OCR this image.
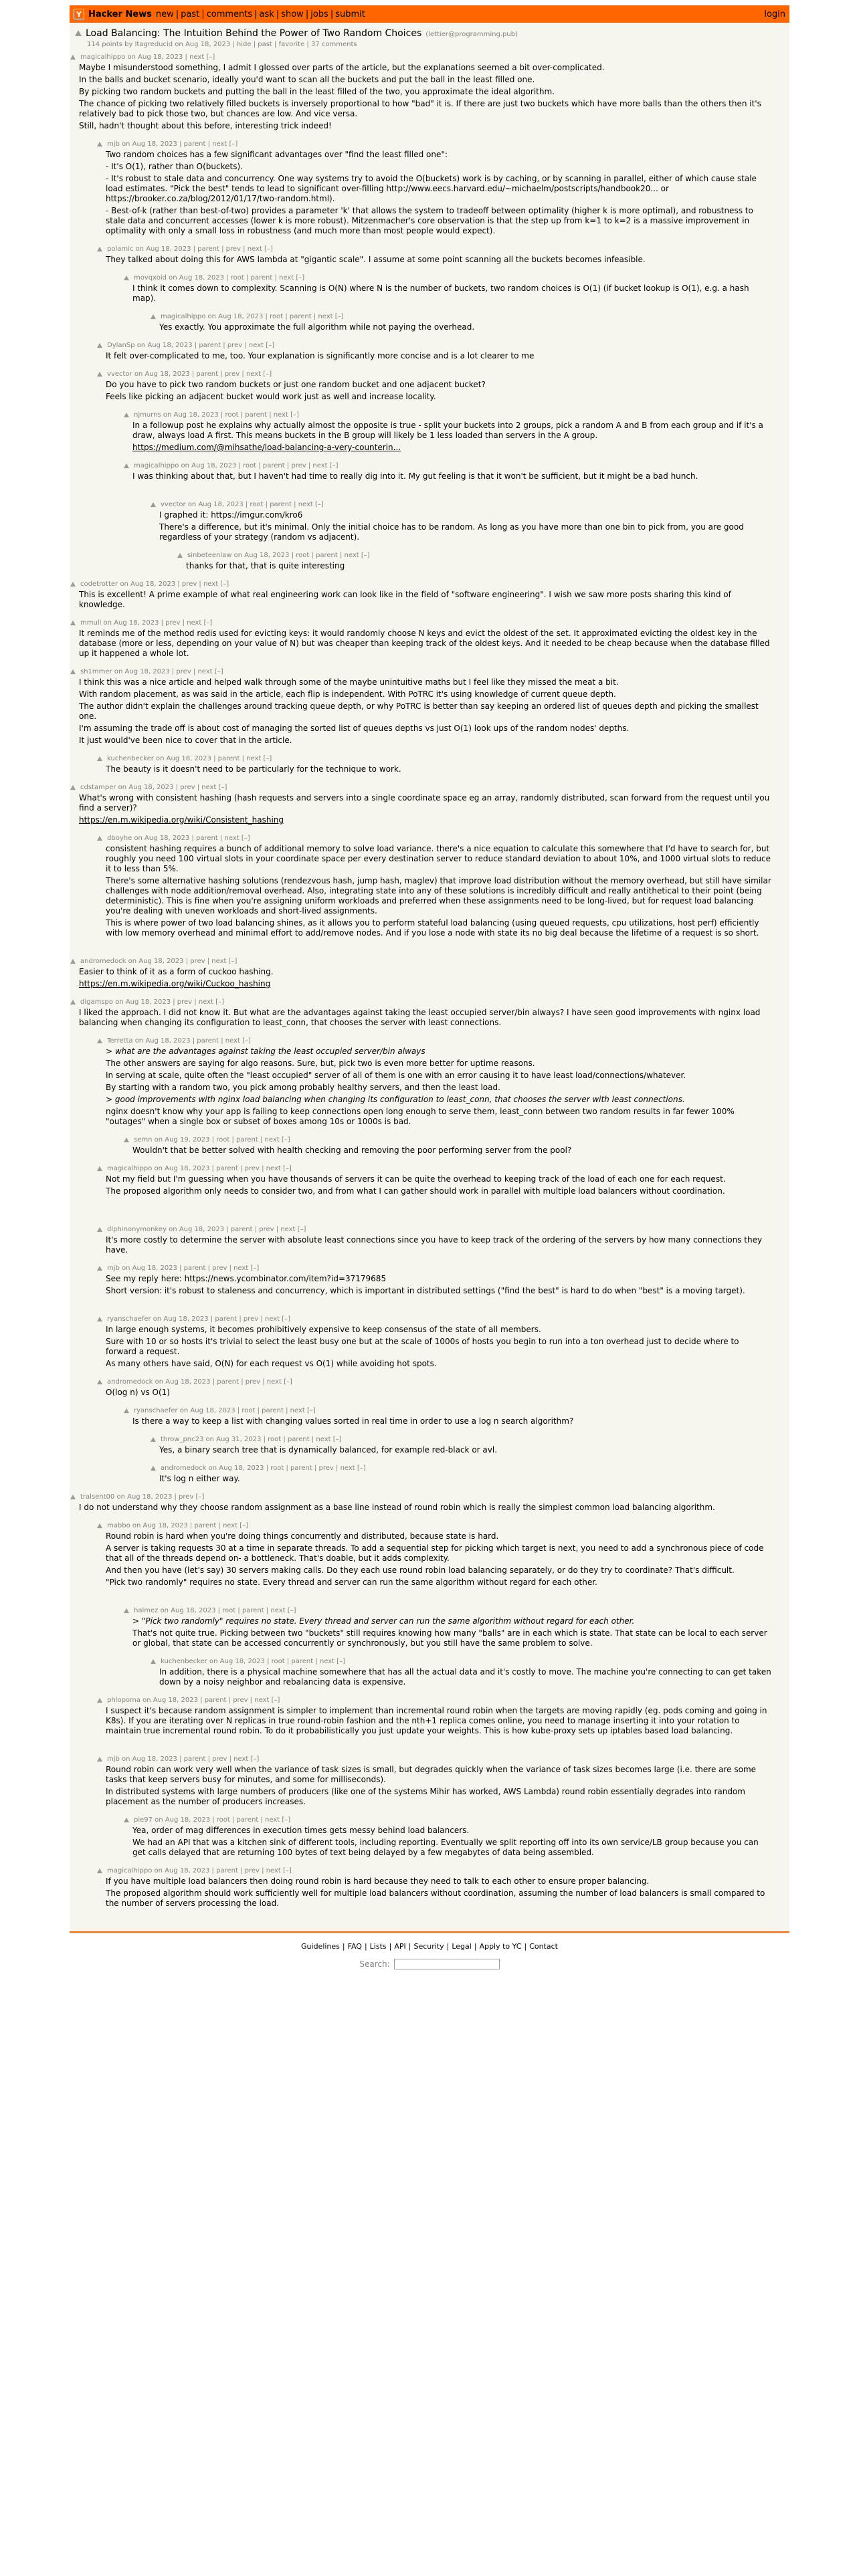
Y Hacker News new | past | comments | ask | show | jobs | submit	login
Load Balancing: The Intuition Behind the Power of Two Random Choices (lettier@programming.pub)
114 points by ltagreducid on Aug 18, 2023 | hide | past | favorite | 37 comments
magicalhippo on Aug 18, 2023 | next [–]

Maybe I misunderstood something, I admit I glossed over parts of the article, but the explanations seemed a bit over-complicated.

In the balls and bucket scenario, ideally you'd want to scan all the buckets and put the ball in the least filled one.

By picking two random buckets and putting the ball in the least filled of the two, you approximate the ideal algorithm.

The chance of picking two relatively filled buckets is inversely proportional to how "bad" it is. If there are just two buckets which have more balls than the others then it's relatively bad to pick those two, but chances are low. And vice versa.

Still, hadn't thought about this before, interesting trick indeed!

mjb on Aug 18, 2023 | parent | next [–]

Two random choices has a few significant advantages over "find the least filled one":

- It's O(1), rather than O(buckets).

- It's robust to stale data and concurrency. One way systems try to avoid the O(buckets) work is by caching, or by scanning in parallel, either of which cause stale load estimates. "Pick the best" tends to lead to significant over-filling http://www.eecs.harvard.edu/~michaelm/postscripts/handbook20... or https://brooker.co.za/blog/2012/01/17/two-random.html).

- Best-of-k (rather than best-of-two) provides a parameter 'k' that allows the system to tradeoff between optimality (higher k is more optimal), and robustness to stale data and concurrent accesses (lower k is more robust). Mitzenmacher's core observation is that the step up from k=1 to k=2 is a massive improvement in optimality with only a small loss in robustness (and much more than most people would expect).

polamic on Aug 18, 2023 | parent | prev | next [–]

They talked about doing this for AWS lambda at "gigantic scale". I assume at some point scanning all the buckets becomes infeasible.

movqxoid on Aug 18, 2023 | root | parent | next [–]

I think it comes down to complexity. Scanning is O(N) where N is the number of buckets, two random choices is O(1) (if bucket lookup is O(1), e.g. a hash map).

magicalhippo on Aug 18, 2023 | root | parent | next [–]

Yes exactly. You approximate the full algorithm while not paying the overhead.

DylanSp on Aug 18, 2023 | parent | prev | next [–]

It felt over-complicated to me, too. Your explanation is significantly more concise and is a lot clearer to me

vvector on Aug 18, 2023 | parent | prev | next [–]

Do you have to pick two random buckets or just one random bucket and one adjacent bucket?

Feels like picking an adjacent bucket would work just as well and increase locality.

njmurns on Aug 18, 2023 | root | parent | next [–]

In a followup post he explains why actually almost the opposite is true - split your buckets into 2 groups, pick a random A and B from each group and if it's a draw, always load A first. This means buckets in the B group will likely be 1 less loaded than servers in the A group.

https://medium.com/@mihsathe/load-balancing-a-very-counterin...

magicalhippo on Aug 18, 2023 | root | parent | prev | next [–]

I was thinking about that, but I haven't had time to really dig into it. My gut feeling is that it won't be sufficient, but it might be a bad hunch.

vvector on Aug 18, 2023 | root | parent | next [–]

I graphed it: https://imgur.com/kro6

There's a difference, but it's minimal. Only the initial choice has to be random. As long as you have more than one bin to pick from, you are good regardless of your strategy (random vs adjacent).

sinbeteenlaw on Aug 18, 2023 | root | parent | next [–]

thanks for that, that is quite interesting

codetrotter on Aug 18, 2023 | prev | next [–]

This is excellent! A prime example of what real engineering work can look like in the field of "software engineering". I wish we saw more posts sharing this kind of knowledge.

mmull on Aug 18, 2023 | prev | next [–]

It reminds me of the method redis used for evicting keys: it would randomly choose N keys and evict the oldest of the set. It approximated evicting the oldest key in the database (more or less, depending on your value of N) but was cheaper than keeping track of the oldest keys. And it needed to be cheap because when the database filled up it happened a whole lot.

sh1mmer on Aug 18, 2023 | prev | next [–]

I think this was a nice article and helped walk through some of the maybe unintuitive maths but I feel like they missed the meat a bit.

With random placement, as was said in the article, each flip is independent. With PoTRC it's using knowledge of current queue depth.

The author didn't explain the challenges around tracking queue depth, or why PoTRC is better than say keeping an ordered list of queues depth and picking the smallest one.

I'm assuming the trade off is about cost of managing the sorted list of queues depths vs just O(1) look ups of the random nodes' depths.

It just would've been nice to cover that in the article.

kuchenbecker on Aug 18, 2023 | parent | next [–]

The beauty is it doesn't need to be particularly for the technique to work.

cdstamper on Aug 18, 2023 | prev | next [–]

What's wrong with consistent hashing (hash requests and servers into a single coordinate space eg an array, randomly distributed, scan forward from the request until you find a server)?

https://en.m.wikipedia.org/wiki/Consistent_hashing

dboyhe on Aug 18, 2023 | parent | next [–]

consistent hashing requires a bunch of additional memory to solve load variance. there's a nice equation to calculate this somewhere that I'd have to search for, but roughly you need 100 virtual slots in your coordinate space per every destination server to reduce standard deviation to about 10%, and 1000 virtual slots to reduce it to less than 5%.

There's some alternative hashing solutions (rendezvous hash, jump hash, maglev) that improve load distribution without the memory overhead, but still have similar challenges with node addition/removal overhead. Also, integrating state into any of these solutions is incredibly difficult and really antithetical to their point (being deterministic). This is fine when you're assigning uniform workloads and preferred when these assignments need to be long-lived, but for request load balancing you're dealing with uneven workloads and short-lived assignments.

This is where power of two load balancing shines, as it allows you to perform stateful load balancing (using queued requests, cpu utilizations, host perf) efficiently with low memory overhead and minimal effort to add/remove nodes. And if you lose a node with state its no big deal because the lifetime of a request is so short.

andromedock on Aug 18, 2023 | prev | next [–]

Easier to think of it as a form of cuckoo hashing.

https://en.m.wikipedia.org/wiki/Cuckoo_hashing

digamspo on Aug 18, 2023 | prev | next [–]

I liked the approach. I did not know it. But what are the advantages against taking the least occupied server/bin always? I have seen good improvements with nginx load balancing when changing its configuration to least_conn, that chooses the server with least connections.

Terretta on Aug 18, 2023 | parent | next [–]

> what are the advantages against taking the least occupied server/bin always

The other answers are saying for algo reasons. Sure, but, pick two is even more better for uptime reasons.

In serving at scale, quite often the "least occupied" server of all of them is one with an error causing it to have least load/connections/whatever.

By starting with a random two, you pick among probably healthy servers, and then the least load.

> good improvements with nginx load balancing when changing its configuration to least_conn, that chooses the server with least connections.

nginx doesn't know why your app is failing to keep connections open long enough to serve them, least_conn between two random results in far fewer 100% "outages" when a single box or subset of boxes among 10s or 1000s is bad.

semn on Aug 19, 2023 | root | parent | next [–]

Wouldn't that be better solved with health checking and removing the poor performing server from the pool?

magicalhippo on Aug 18, 2023 | parent | prev | next [–]

Not my field but I'm guessing when you have thousands of servers it can be quite the overhead to keeping track of the load of each one for each request.

The proposed algorithm only needs to consider two, and from what I can gather should work in parallel with multiple load balancers without coordination.

dlphinonymonkey on Aug 18, 2023 | parent | prev | next [–]

It's more costly to determine the server with absolute least connections since you have to keep track of the ordering of the servers by how many connections they have.

mjb on Aug 18, 2023 | parent | prev | next [–]

See my reply here: https://news.ycombinator.com/item?id=37179685

Short version: it's robust to staleness and concurrency, which is important in distributed settings ("find the best" is hard to do when "best" is a moving target).

ryanschaefer on Aug 18, 2023 | parent | prev | next [–]

In large enough systems, it becomes prohibitively expensive to keep consensus of the state of all members.

Sure with 10 or so hosts it's trivial to select the least busy one but at the scale of 1000s of hosts you begin to run into a ton overhead just to decide where to forward a request.

As many others have said, O(N) for each request vs O(1) while avoiding hot spots.

andromedock on Aug 18, 2023 | parent | prev | next [–]

O(log n) vs O(1)

ryanschaefer on Aug 18, 2023 | root | parent | next [–]

Is there a way to keep a list with changing values sorted in real time in order to use a log n search algorithm?

throw_pnc23 on Aug 31, 2023 | root | parent | next [–]

Yes, a binary search tree that is dynamically balanced, for example red-black or avl.

andromedock on Aug 18, 2023 | root | parent | prev | next [–]

It's log n either way.

tralsent00 on Aug 18, 2023 | prev [–]

I do not understand why they choose random assignment as a base line instead of round robin which is really the simplest common load balancing algorithm.

mabbo on Aug 18, 2023 | parent | next [–]

Round robin is hard when you're doing things concurrently and distributed, because state is hard.

A server is taking requests 30 at a time in separate threads. To add a sequential step for picking which target is next, you need to add a synchronous piece of code that all of the threads depend on- a bottleneck. That's doable, but it adds complexity.

And then you have (let's say) 30 servers making calls. Do they each use round robin load balancing separately, or do they try to coordinate? That's difficult.

"Pick two randomly" requires no state. Every thread and server can run the same algorithm without regard for each other.

halmez on Aug 18, 2023 | root | parent | next [–]

> "Pick two randomly" requires no state. Every thread and server can run the same algorithm without regard for each other.

That's not quite true. Picking between two "buckets" still requires knowing how many "balls" are in each which is state. That state can be local to each server or global, that state can be accessed concurrently or synchronously, but you still have the same problem to solve.

kuchenbecker on Aug 18, 2023 | root | parent | next [–]

In addition, there is a physical machine somewhere that has all the actual data and it's costly to move. The machine you're connecting to can get taken down by a noisy neighbor and rebalancing data is expensive.

phlopoma on Aug 18, 2023 | parent | prev | next [–]

I suspect it's because random assignment is simpler to implement than incremental round robin when the targets are moving rapidly (eg. pods coming and going in K8s). If you are iterating over N replicas in true round-robin fashion and the nth+1 replica comes online, you need to manage inserting it into your rotation to maintain true incremental round robin. To do it probabilistically you just update your weights. This is how kube-proxy sets up iptables based load balancing.

mjb on Aug 18, 2023 | parent | prev | next [–]

Round robin can work very well when the variance of task sizes is small, but degrades quickly when the variance of task sizes becomes large (i.e. there are some tasks that keep servers busy for minutes, and some for milliseconds).

In distributed systems with large numbers of producers (like one of the systems Mihir has worked, AWS Lambda) round robin essentially degrades into random placement as the number of producers increases.

pie97 on Aug 18, 2023 | root | parent | next [–]

Yea, order of mag differences in execution times gets messy behind load balancers.

We had an API that was a kitchen sink of different tools, including reporting. Eventually we split reporting off into its own service/LB group because you can get calls delayed that are returning 100 bytes of text being delayed by a few megabytes of data being assembled.

magicalhippo on Aug 18, 2023 | parent | prev | next [–]

If you have multiple load balancers then doing round robin is hard because they need to talk to each other to ensure proper balancing.

The proposed algorithm should work sufficiently well for multiple load balancers without coordination, assuming the number of load balancers is small compared to the number of servers processing the load.

Guidelines | FAQ | Lists | API | Security | Legal | Apply to YC | Contact
Search:
